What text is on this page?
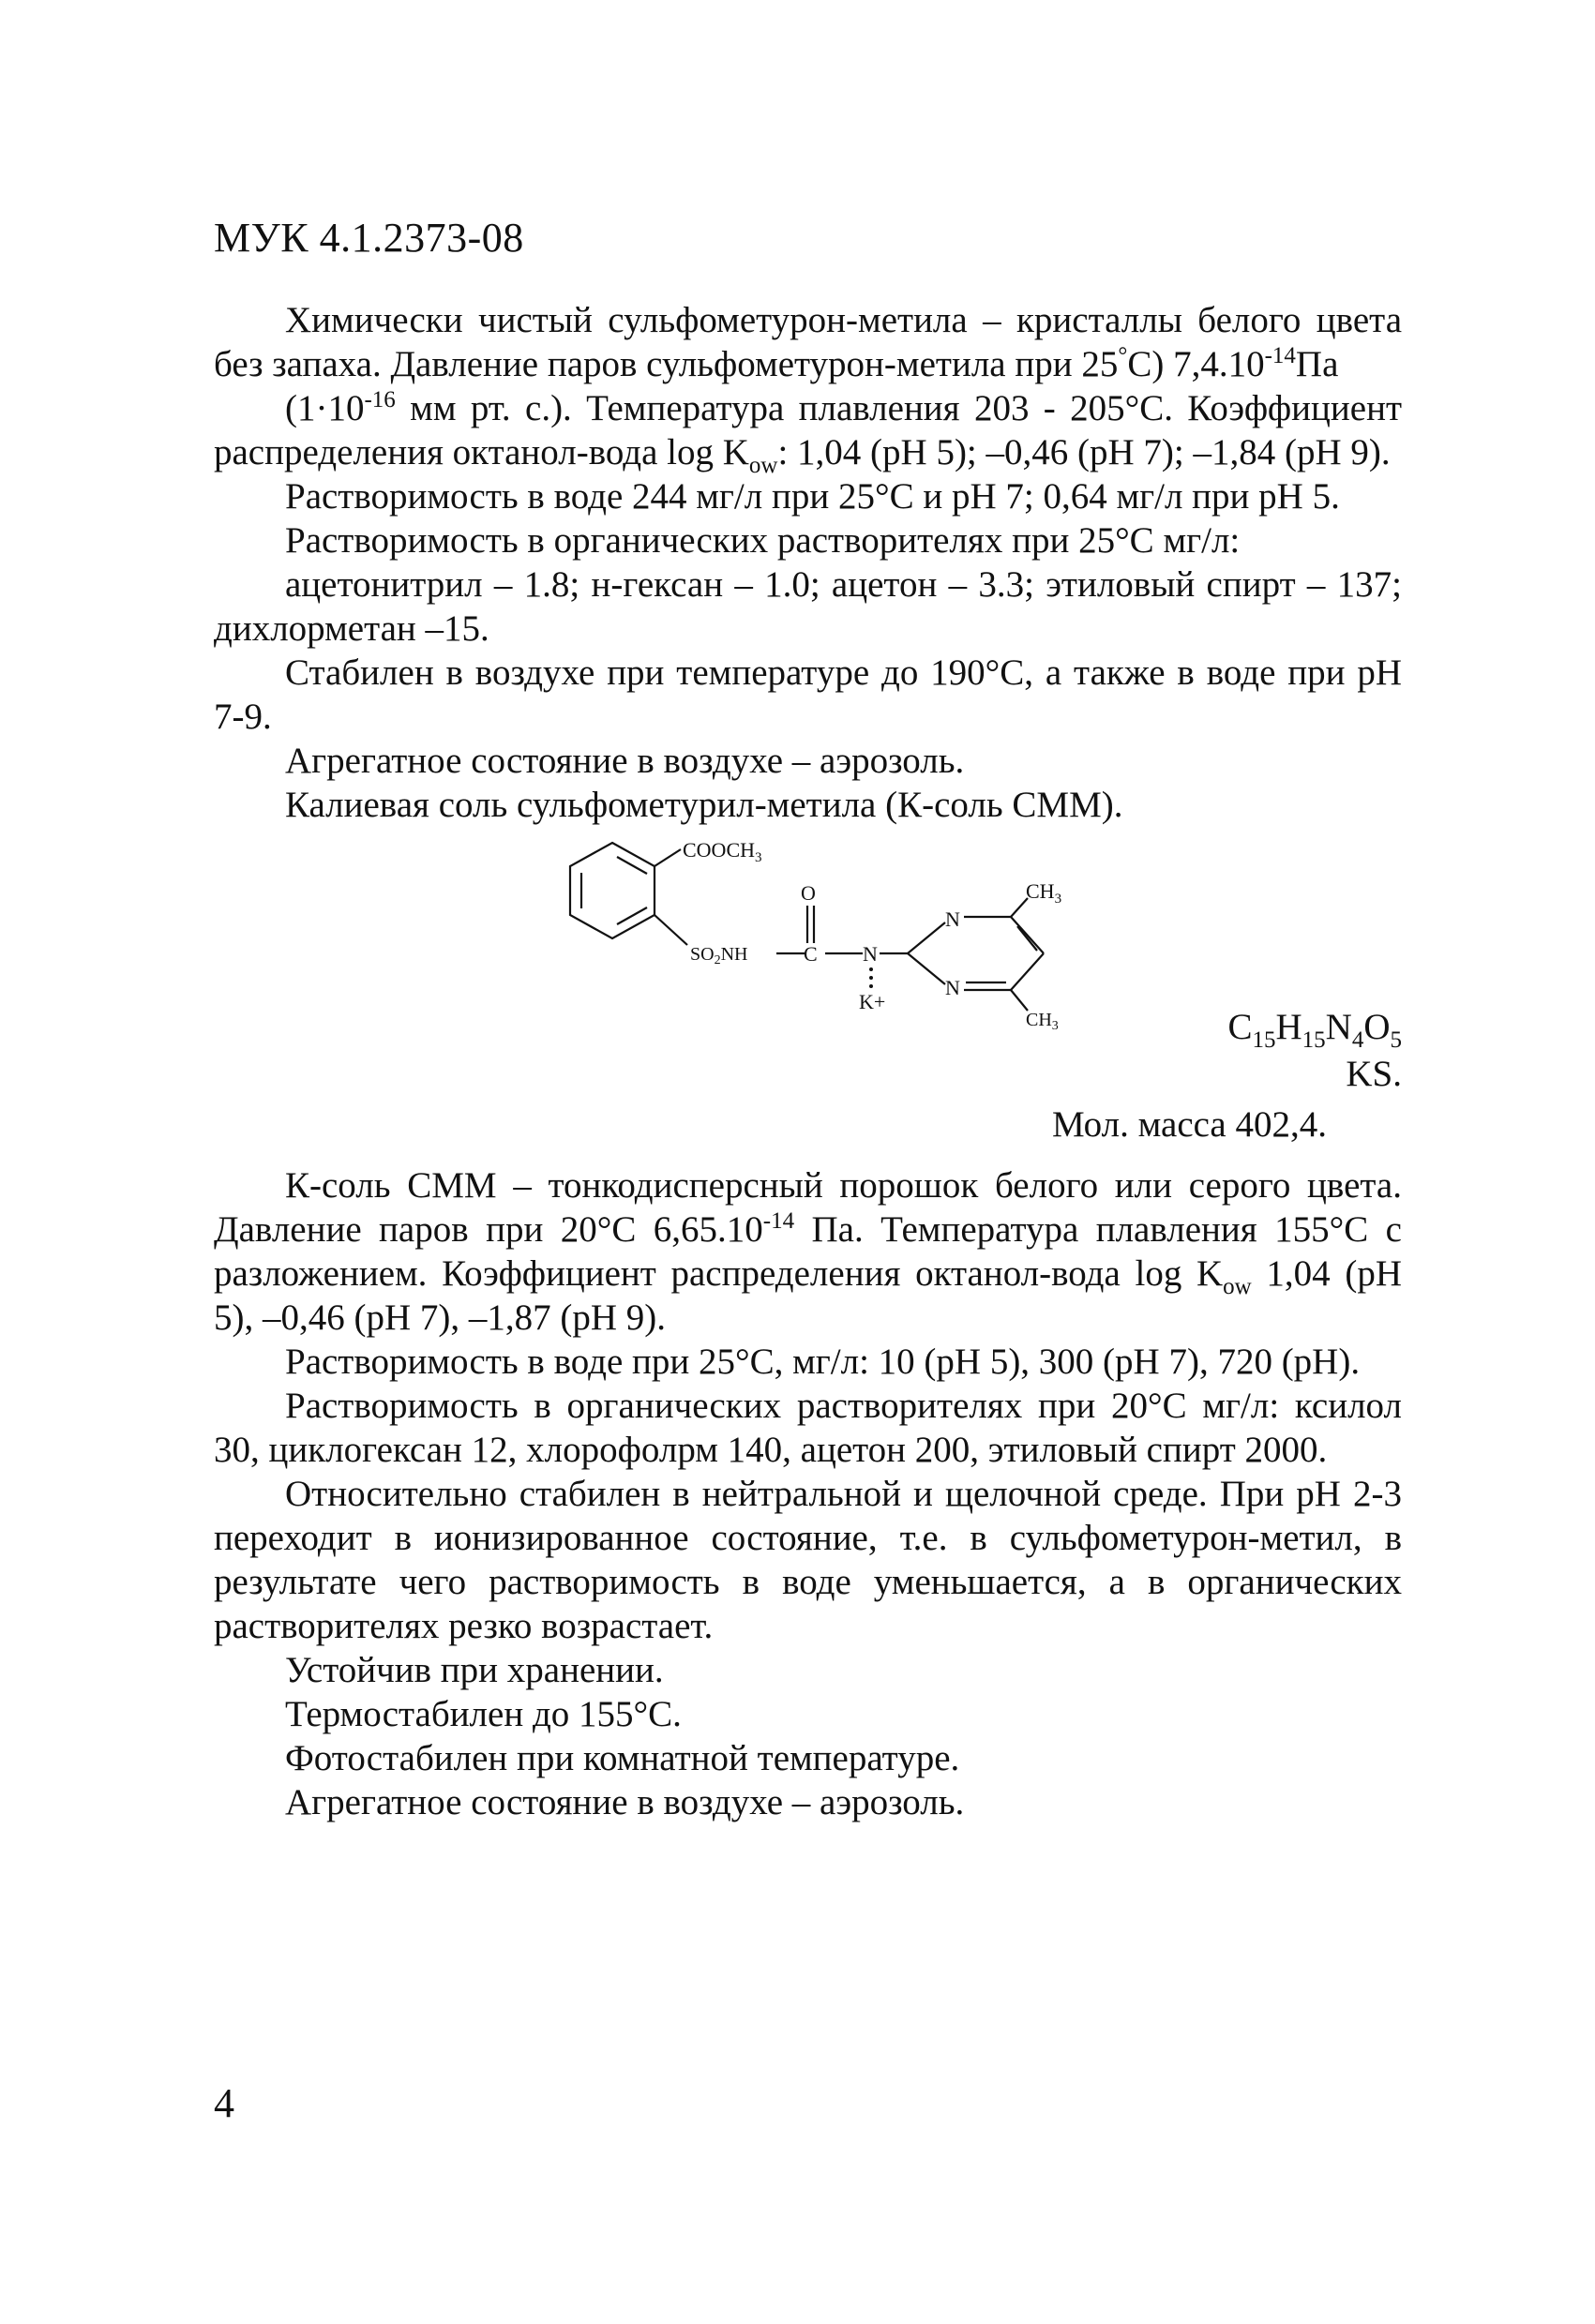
МУК 4.1.2373-08

Химически чистый сульфометурон-метила – кристаллы белого цвета без запаха. Давление паров сульфометурон-метила при 25°С) $7,4.10^{-14}Па$

($1\cdot 10^{-16}$ мм рт. с.). Температура плавления 203 - 205°С. Коэффициент распределения октанол-вода $\log K_{ow}$: 1,04 (pH 5); –0,46 (pH 7); –1,84 (pH 9).

Растворимость в воде 244 мг/л при 25°С и pH 7; 0,64 мг/л при pH 5.

Растворимость в органических растворителях при 25°С мг/л:

ацетонитрил – 1.8; н-гексан – 1.0; ацетон – 3.3; этиловый спирт – 137; дихлорметан –15.

Стабилен в воздухе при температуре до 190°С, а также в воде при pH 7-9.

Агрегатное состояние в воздухе – аэрозоль.

Калиевая соль сульфометурил-метила (К-соль СММ).

$COOCH_3$
O
$SO_2NH$	C N
K+
N
N
$CH_3$
$CH_3$	$C_{15}H_{15}N_4O_5$
KS.
Мол. масса 402,4.

К-соль СММ – тонкодисперсный порошок белого или серого цвета. Давление паров при 20°С $6,65.10^{-14}$ Па. Температура плавления 155°С с разложением. Коэффициент распределения октанол-вода $\log K_{ow}$ 1,04 (pH 5), –0,46 (pH 7), –1,87 (pH 9).

Растворимость в воде при 25°С, мг/л: 10 (pH 5), 300 (pH 7), 720 (pH).

Растворимость в органических растворителях при 20°С мг/л: ксилол 30, циклогексан 12, хлорофолрм 140, ацетон 200, этиловый спирт 2000.

Относительно стабилен в нейтральной и щелочной среде. При pH 2-3 переходит в ионизированное состояние, т.е. в сульфометурон-метил, в результате чего растворимость в воде уменьшается, а в органических растворителях резко возрастает.

Устойчив при хранении.

Термостабилен до 155°С.

Фотостабилен при комнатной температуре.

Агрегатное состояние в воздухе – аэрозоль.

4
